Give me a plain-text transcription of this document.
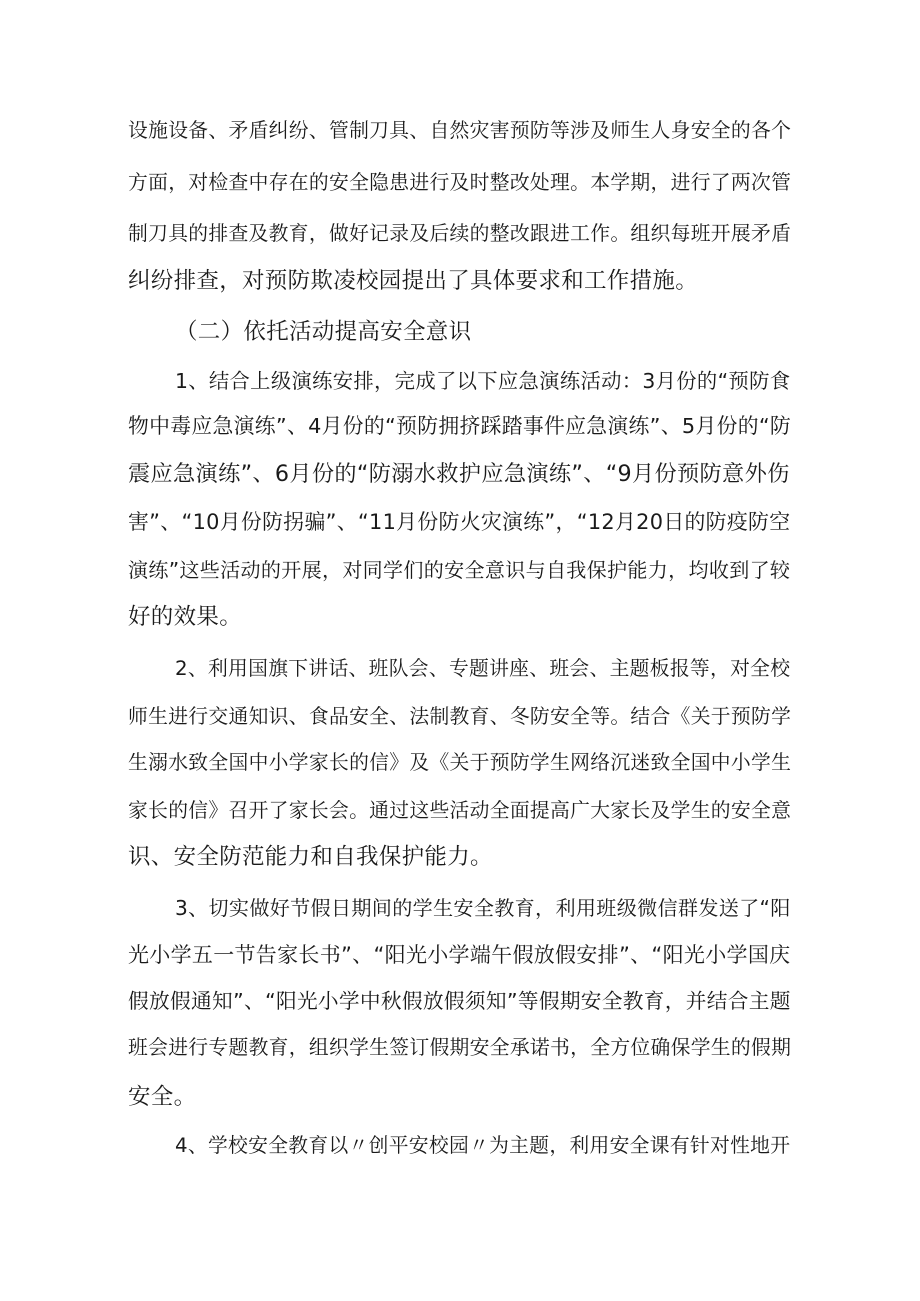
设施设备、矛盾纠纷、管制刀具、自然灾害预防等涉及师生人身安全的各个
方面，对检查中存在的安全隐患进行及时整改处理。本学期，进行了两次管
制刀具的排查及教育，做好记录及后续的整改跟进工作。组织每班开展矛盾
纠纷排查，对预防欺凌校园提出了具体要求和工作措施。
（二）依托活动提高安全意识
1、结合上级演练安排，完成了以下应急演练活动：3月份的“预防食
物中毒应急演练”、4月份的“预防拥挤踩踏事件应急演练”、5月份的“防
震应急演练”、6月份的“防溺水救护应急演练”、“9月份预防意外伤
害”、“10月份防拐骗”、“11月份防火灾演练”，“12月20日的防疫防空
演练”这些活动的开展，对同学们的安全意识与自我保护能力，均收到了较
好的效果。
2、利用国旗下讲话、班队会、专题讲座、班会、主题板报等，对全校
师生进行交通知识、食品安全、法制教育、冬防安全等。结合《关于预防学
生溺水致全国中小学家长的信》及《关于预防学生网络沉迷致全国中小学生
家长的信》召开了家长会。通过这些活动全面提高广大家长及学生的安全意
识、安全防范能力和自我保护能力。
3、切实做好节假日期间的学生安全教育，利用班级微信群发送了“阳
光小学五一节告家长书”、“阳光小学端午假放假安排”、“阳光小学国庆
假放假通知”、“阳光小学中秋假放假须知”等假期安全教育，并结合主题
班会进行专题教育，组织学生签订假期安全承诺书，全方位确保学生的假期
安全。
4、学校安全教育以〃创平安校园〃为主题，利用安全课有针对性地开
